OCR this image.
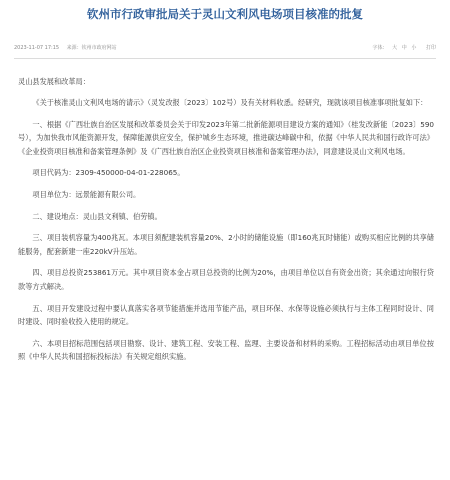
钦州市行政审批局关于灵山文利风电场项目核准的批复
2023-11-07 17:15 来源：钦州市政府网站	字体： 大 中 小 打印

灵山县发展和改革局：

《关于核准灵山文利风电场的请示》（灵发改报〔2023〕102号）及有关材料收悉。经研究，现就该项目核准事项批复如下：

一、根据《广西壮族自治区发展和改革委员会关于印发2023年第二批新能源项目建设方案的通知》（桂发改新能〔2023〕590号），为加快我市风能资源开发，保障能源供应安全，保护城乡生态环境，推进碳达峰碳中和，依据《中华人民共和国行政许可法》《企业投资项目核准和备案管理条例》及《广西壮族自治区企业投资项目核准和备案管理办法》，同意建设灵山文利风电场。

项目代码为：2309-450000-04-01-228065。

项目单位为：远景能源有限公司。

二、建设地点：灵山县文利镇、伯劳镇。

三、项目装机容量为400兆瓦。本项目须配建装机容量20%、2小时的储能设施（即160兆瓦时储能）或购买相应比例的共享储能服务，配套新建一座220kV升压站。

四、项目总投资253861万元。其中项目资本金占项目总投资的比例为20%，由项目单位以自有资金出资；其余通过向银行贷款等方式解决。

五、项目开发建设过程中要认真落实各项节能措施并选用节能产品，项目环保、水保等设施必须执行与主体工程同时设计、同时建设、同时验收投入使用的规定。

六、本项目招标范围包括项目勘察、设计、建筑工程、安装工程、监理、主要设备和材料的采购。工程招标活动由项目单位按照《中华人民共和国招标投标法》有关规定组织实施。
